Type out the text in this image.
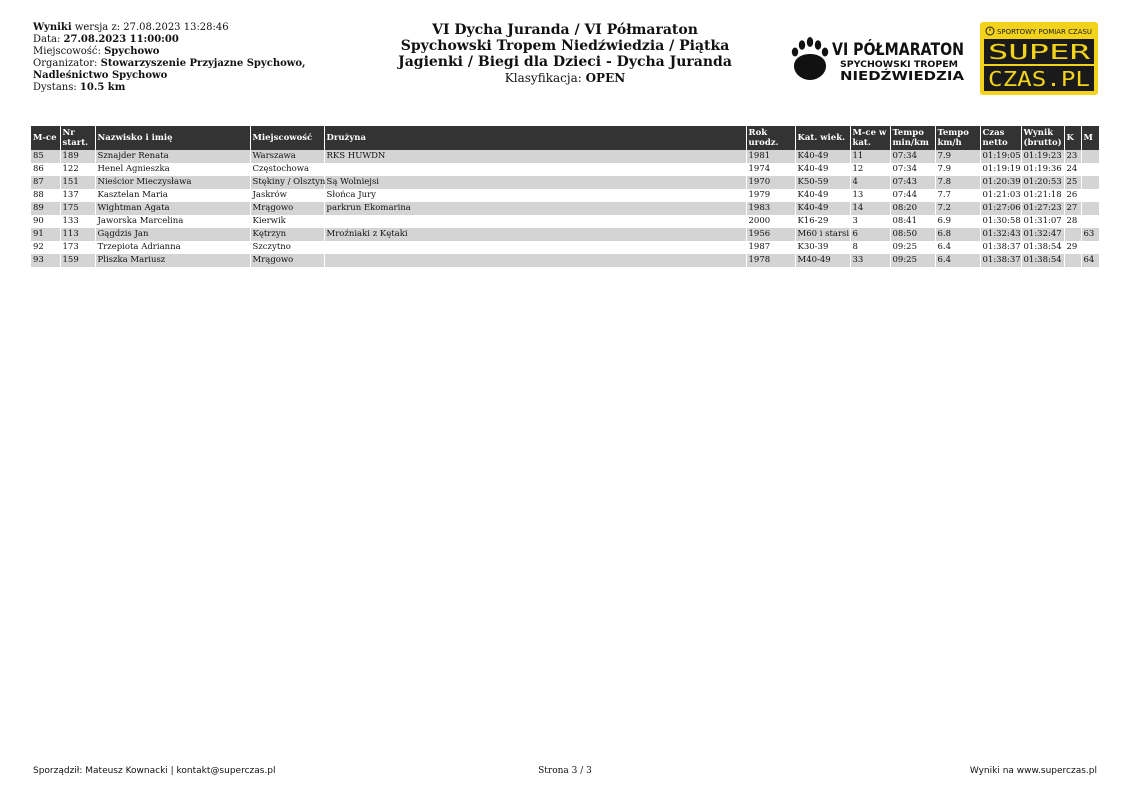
Wyniki wersja z: 27.08.2023 13:28:46
Data: 27.08.2023 11:00:00
Miejscowość: Spychowo
Organizator: Stowarzyszenie Przyjazne Spychowo, Nadleśnictwo Spychowo
Dystans: 10.5 km
VI Dycha Juranda / VI Półmaraton Spychowski Tropem Niedźwiedzia / Piątka Jagienki / Biegi dla Dzieci - Dycha Juranda
Klasyfikacja: OPEN
VI PÓŁMARATON
SPYCHOWSKI TROPEM
NIEDŹWIEDZIA
SPORTOWY POMIAR CZASU
SUPER
CZAS.PL
M-ce	Nr start.	Nazwisko i imię	Miejscowość	Drużyna	Rok urodz.	Kat. wiek.	M-ce w kat.	Tempo min/km	Tempo km/h	Czas netto	Wynik (brutto)	K	M
85	189	Sznajder Renata	Warszawa	RKS HUWDN	1981	K40-49	11	07:34	7.9	01:19:05	01:19:23	23	
86	122	Henel Agnieszka	Częstochowa		1974	K40-49	12	07:34	7.9	01:19:19	01:19:36	24	
87	151	Nieścior Mieczysława	Stękiny / Olsztyn	Są Wolniejsi	1970	K50-59	4	07:43	7.8	01:20:39	01:20:53	25	
88	137	Kasztelan Maria	Jaskrów	Słońca Jury	1979	K40-49	13	07:44	7.7	01:21:03	01:21:18	26	
89	175	Wightman Agata	Mrągowo	parkrun Ekomarina	1983	K40-49	14	08:20	7.2	01:27:06	01:27:23	27	
90	133	Jaworska Marcelina	Kierwik		2000	K16-29	3	08:41	6.9	01:30:58	01:31:07	28	
91	113	Gągdzis Jan	Kętrzyn	Mroźniaki z Kętaki	1956	M60 i starsi	6	08:50	6.8	01:32:43	01:32:47		63
92	173	Trzepiota Adrianna	Szczytno		1987	K30-39	8	09:25	6.4	01:38:37	01:38:54	29	
93	159	Pliszka Mariusz	Mrągowo		1978	M40-49	33	09:25	6.4	01:38:37	01:38:54		64
Sporządził: Mateusz Kownacki | kontakt@superczas.pl	Strona 3 / 3	Wyniki na www.superczas.pl
